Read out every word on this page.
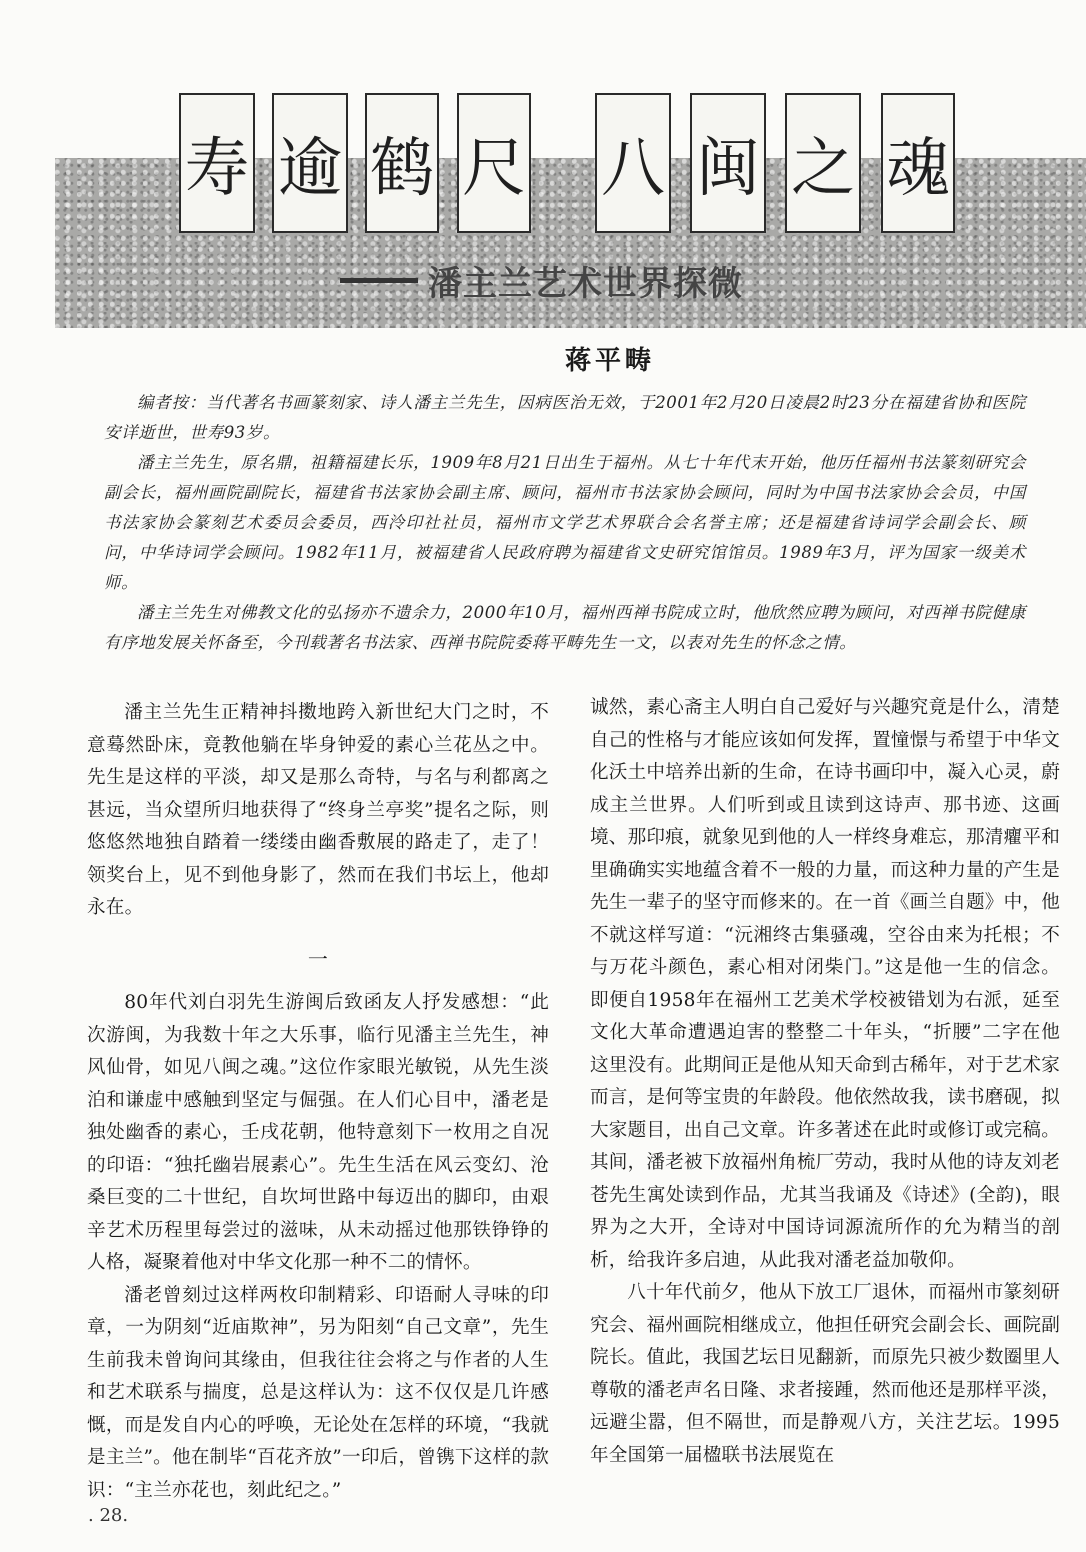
寿 逾 鹤 尺 八 闽 之 魂
潘主兰艺术世界探微
蒋平畴

编者按：当代著名书画篆刻家、诗人潘主兰先生，因病医治无效，于2001年2月20日凌晨2时23分在福建省协和医院安详逝世，世寿93岁。

潘主兰先生，原名鼎，祖籍福建长乐，1909年8月21日出生于福州。从七十年代末开始，他历任福州书法篆刻研究会副会长，福州画院副院长，福建省书法家协会副主席、顾问，福州市书法家协会顾问，同时为中国书法家协会会员，中国书法家协会篆刻艺术委员会委员，西泠印社社员，福州市文学艺术界联合会名誉主席；还是福建省诗词学会副会长、顾问，中华诗词学会顾问。1982年11月，被福建省人民政府聘为福建省文史研究馆馆员。1989年3月，评为国家一级美术师。

潘主兰先生对佛教文化的弘扬亦不遗余力，2000年10月，福州西禅书院成立时，他欣然应聘为顾问，对西禅书院健康有序地发展关怀备至，今刊载著名书法家、西禅书院院委蒋平畴先生一文，以表对先生的怀念之情。

潘主兰先生正精神抖擞地跨入新世纪大门之时，不意蓦然卧床，竟教他躺在毕身钟爱的素心兰花丛之中。先生是这样的平淡，却又是那么奇特，与名与利都离之甚远，当众望所归地获得了“终身兰亭奖”提名之际，则悠悠然地独自踏着一缕缕由幽香敷展的路走了，走了！领奖台上，见不到他身影了，然而在我们书坛上，他却永在。

一

80年代刘白羽先生游闽后致函友人抒发感想：“此次游闽，为我数十年之大乐事，临行见潘主兰先生，神风仙骨，如见八闽之魂。”这位作家眼光敏锐，从先生淡泊和谦虚中感触到坚定与倔强。在人们心目中，潘老是独处幽香的素心，壬戌花朝，他特意刻下一枚用之自况的印语：“独托幽岩展素心”。先生生活在风云变幻、沧桑巨变的二十世纪，自坎坷世路中每迈出的脚印，由艰辛艺术历程里每尝过的滋味，从未动摇过他那铁铮铮的人格，凝聚着他对中华文化那一种不二的情怀。

潘老曾刻过这样两枚印制精彩、印语耐人寻味的印章，一为阴刻“近庙欺神”，另为阳刻“自己文章”，先生生前我未曾询问其缘由，但我往往会将之与作者的人生和艺术联系与揣度，总是这样认为：这不仅仅是几许感慨，而是发自内心的呼唤，无论处在怎样的环境，“我就是主兰”。他在制毕“百花齐放”一印后，曾镌下这样的款识：“主兰亦花也，刻此纪之。”

诚然，素心斋主人明白自己爱好与兴趣究竟是什么，清楚自己的性格与才能应该如何发挥，置憧憬与希望于中华文化沃土中培养出新的生命，在诗书画印中，凝入心灵，蔚成主兰世界。人们听到或且读到这诗声、那书迹、这画境、那印痕，就象见到他的人一样终身难忘，那清癯平和里确确实实地蕴含着不一般的力量，而这种力量的产生是先生一辈子的坚守而修来的。在一首《画兰自题》中，他不就这样写道：“沅湘终古集骚魂，空谷由来为托根；不与万花斗颜色，素心相对闭柴门。”这是他一生的信念。即便自1958年在福州工艺美术学校被错划为右派，延至文化大革命遭遇迫害的整整二十年头，“折腰”二字在他这里没有。此期间正是他从知天命到古稀年，对于艺术家而言，是何等宝贵的年龄段。他依然故我，读书磨砚，拟大家题目，出自己文章。许多著述在此时或修订或完稿。其间，潘老被下放福州角梳厂劳动，我时从他的诗友刘老苍先生寓处读到作品，尤其当我诵及《诗述》(全韵)，眼界为之大开，全诗对中国诗词源流所作的允为精当的剖析，给我许多启迪，从此我对潘老益加敬仰。

八十年代前夕，他从下放工厂退休，而福州市篆刻研究会、福州画院相继成立，他担任研究会副会长、画院副院长。值此，我国艺坛日见翻新，而原先只被少数圈里人尊敬的潘老声名日隆、求者接踵，然而他还是那样平淡，远避尘嚣，但不隔世，而是静观八方，关注艺坛。1995年全国第一届楹联书法展览在

. 28.
